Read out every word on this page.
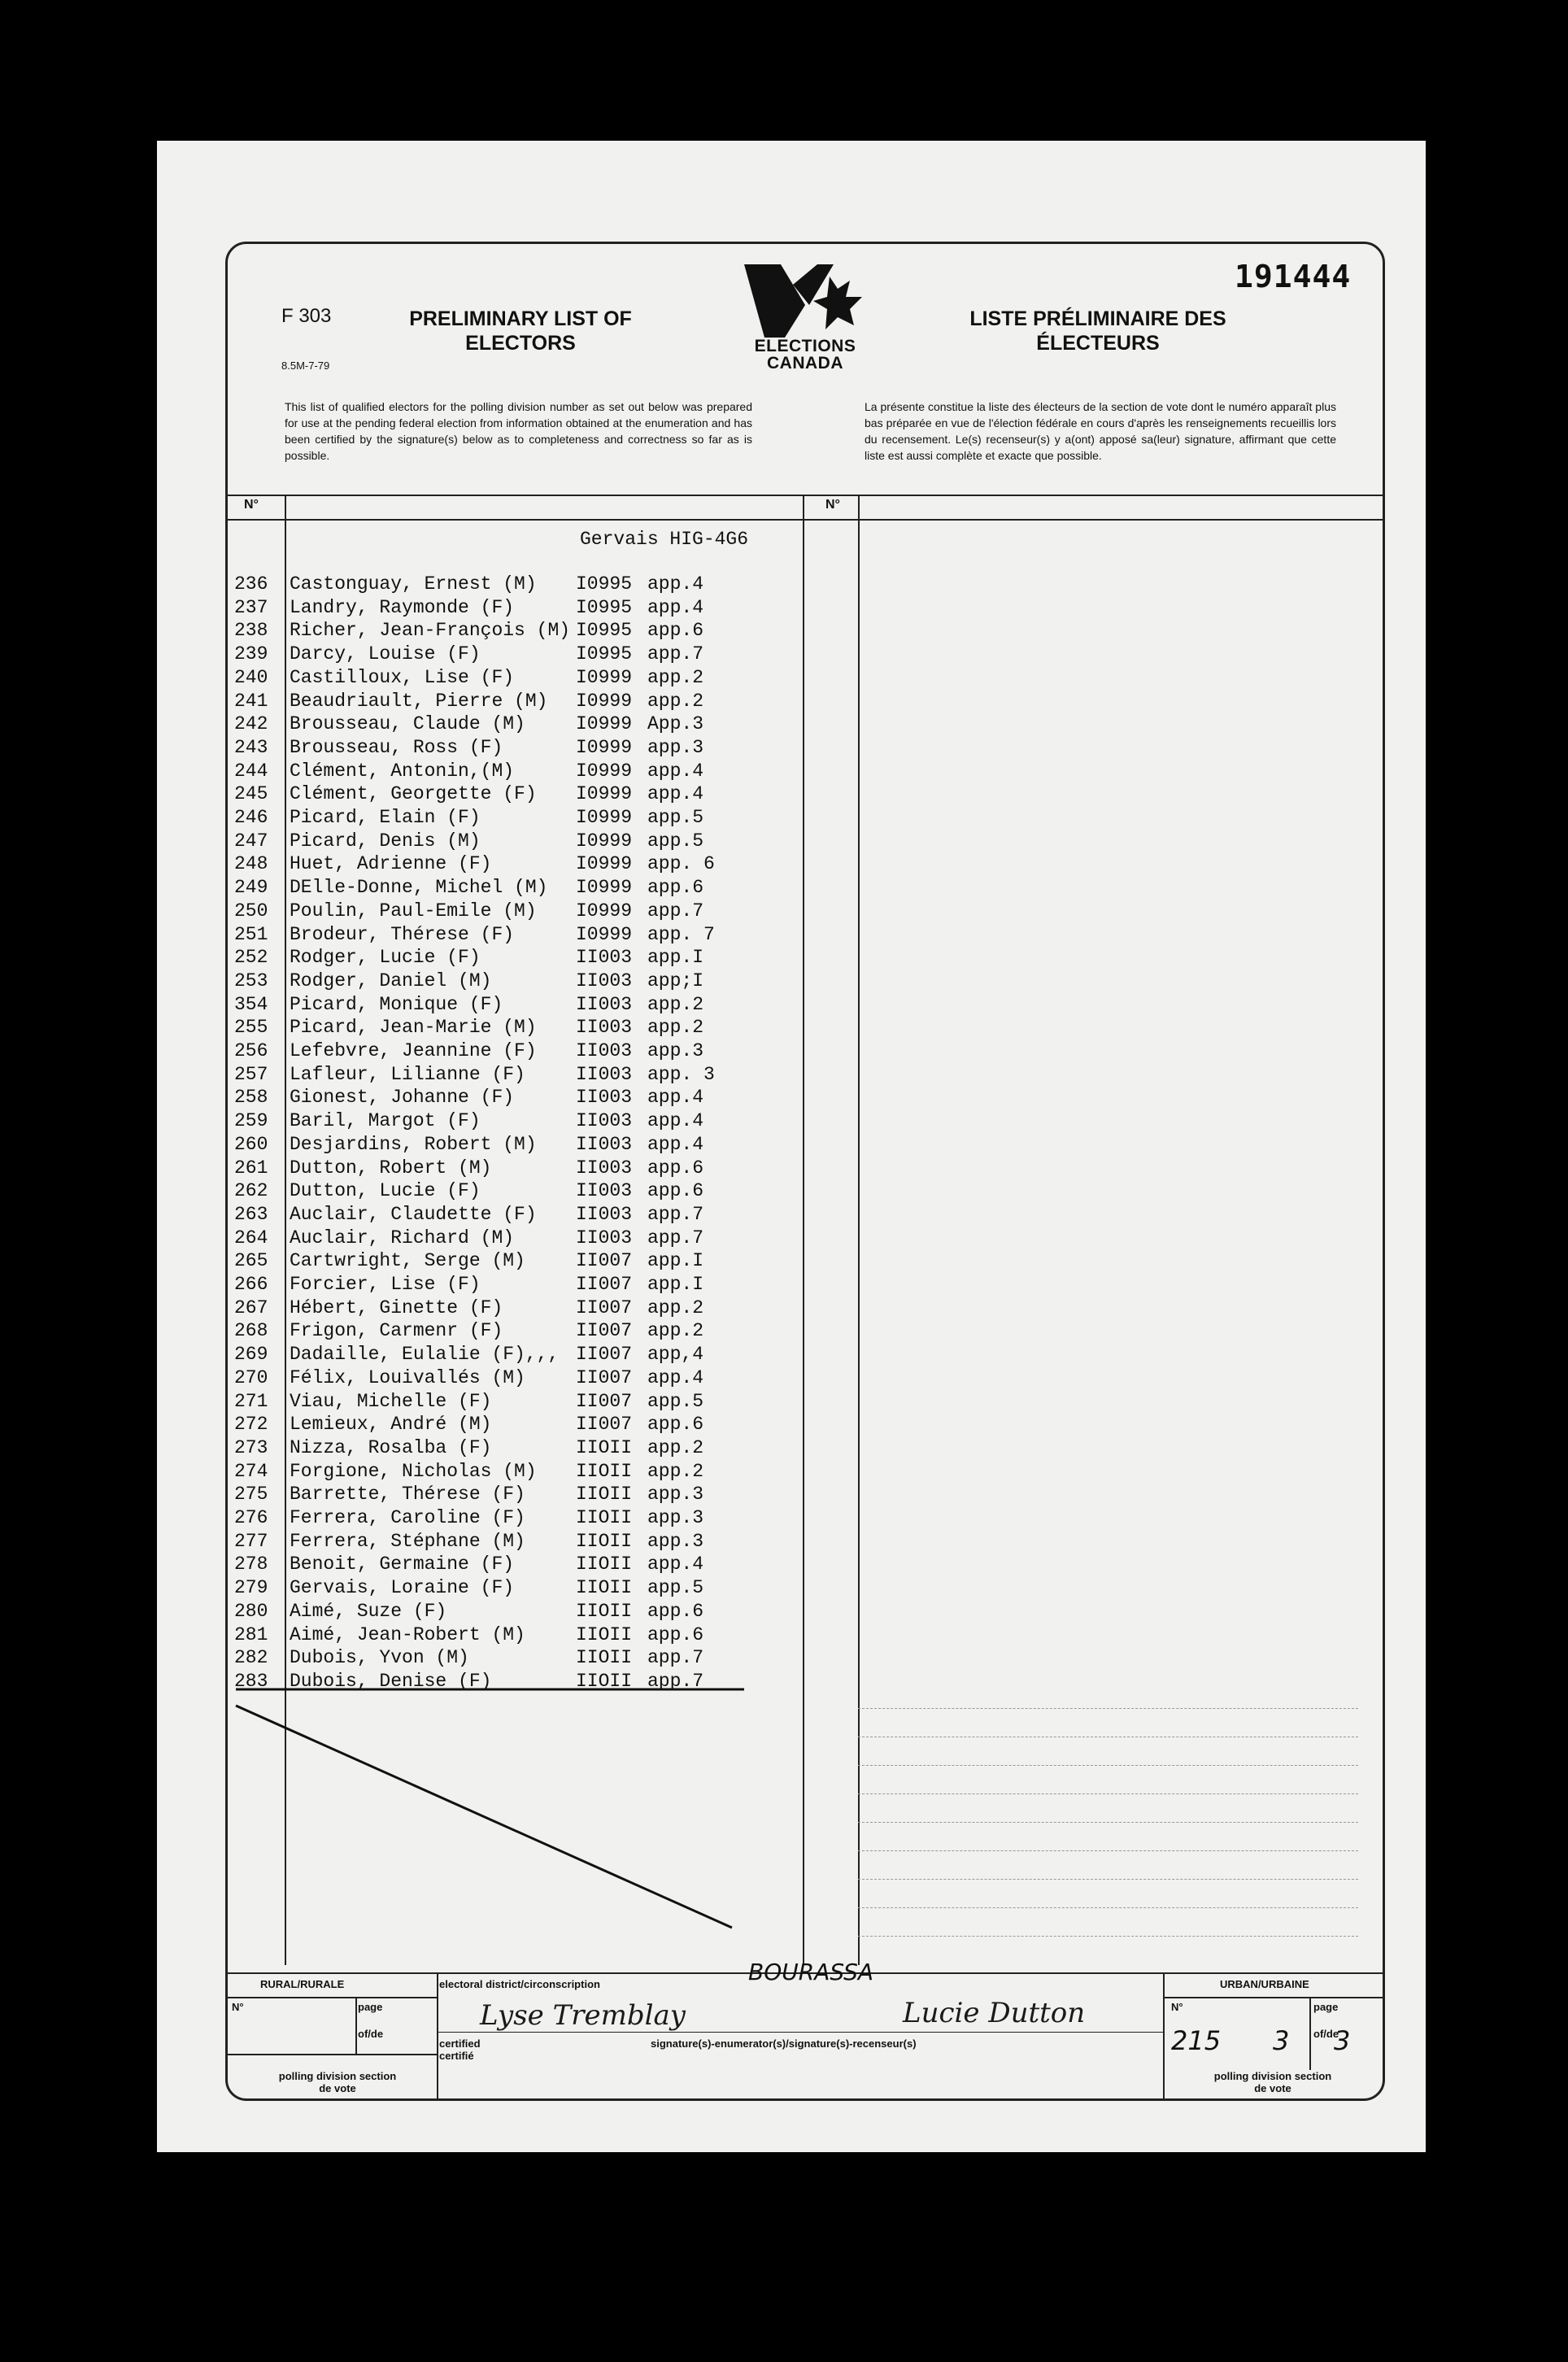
191444
F 303
8.5M-7-79
PRELIMINARY LIST OF ELECTORS
LISTE PRÉLIMINAIRE DES ÉLECTEURS
ELECTIONS
CANADA
This list of qualified electors for the polling division number as set out below was prepared for use at the pending federal election from information obtained at the enumeration and has been certified by the signature(s) below as to completeness and correctness so far as is possible.
La présente constitue la liste des électeurs de la section de vote dont le numéro apparaît plus bas préparée en vue de l'élection fédérale en cours d'après les renseignements recueillis lors du recensement. Le(s) recenseur(s) y a(ont) apposé sa(leur) signature, affirmant que cette liste est aussi complète et exacte que possible.
N°	N°
Gervais HIG-4G6
236 Castonguay, Ernest (M) I0995 app.4
237 Landry, Raymonde (F)	I0995 app.4
238 Richer, Jean-François (M) I0995 app.6
239 Darcy, Louise (F)	I0995 app.7
240 Castilloux, Lise (F)	I0999 app.2
241 Beaudriault, Pierre (M) I0999 app.2
242 Brousseau, Claude (M)	I0999 App.3
243 Brousseau, Ross (F)	I0999 app.3
244 Clément, Antonin,(M)	I0999 app.4
245 Clément, Georgette (F) I0999 app.4
246 Picard, Elain (F)	I0999 app.5
247 Picard, Denis (M)	I0999 app.5
248 Huet, Adrienne (F)	I0999 app. 6
249 DElle-Donne, Michel (M) I0999 app.6
250 Poulin, Paul-Emile (M) I0999 app.7
251 Brodeur, Thérese (F)	I0999 app. 7
252 Rodger, Lucie (F)	II003 app.I
253 Rodger, Daniel (M)	II003 app;I
354 Picard, Monique (F)	II003 app.2
255 Picard, Jean-Marie (M) II003 app.2
256 Lefebvre, Jeannine (F) II003 app.3
257 Lafleur, Lilianne (F)	II003 app. 3
258 Gionest, Johanne (F)	II003 app.4
259 Baril, Margot (F)	II003 app.4
260 Desjardins, Robert (M) II003 app.4
261 Dutton, Robert (M)	II003 app.6
262 Dutton, Lucie (F)	II003 app.6
263 Auclair, Claudette (F) II003 app.7
264 Auclair, Richard (M)	II003 app.7
265 Cartwright, Serge (M)	II007 app.I
266 Forcier, Lise (F)	II007 app.I
267 Hébert, Ginette (F)	II007 app.2
268 Frigon, Carmenr (F)	II007 app.2
269 Dadaille, Eulalie (F),,, II007 app,4
270 Félix, Louivallés (M)	II007 app.4
271 Viau, Michelle (F)	II007 app.5
272 Lemieux, André (M)	II007 app.6
273 Nizza, Rosalba (F)	IIOII app.2
274 Forgione, Nicholas (M) IIOII app.2
275 Barrette, Thérese (F)	IIOII app.3
276 Ferrera, Caroline (F)	IIOII app.3
277 Ferrera, Stéphane (M)	IIOII app.3
278 Benoit, Germaine (F)	IIOII app.4
279 Gervais, Loraine (F)	IIOII app.5
280 Aimé, Suze (F)	IIOII app.6
281 Aimé, Jean-Robert (M)	IIOII app.6
282 Dubois, Yvon (M)	IIOII app.7
283 Dubois, Denise (F)	IIOII app.7
RURAL/RURALE	URBAN/URBAINE
N°	page
of/de
N°	page
of/de
polling division section de vote
polling division section de vote
electoral district/circonscription
certified certifié
signature(s)-enumerator(s)/signature(s)-recenseur(s)
BOURASSA
Lyse Tremblay	Lucie Dutton
215 3 3
